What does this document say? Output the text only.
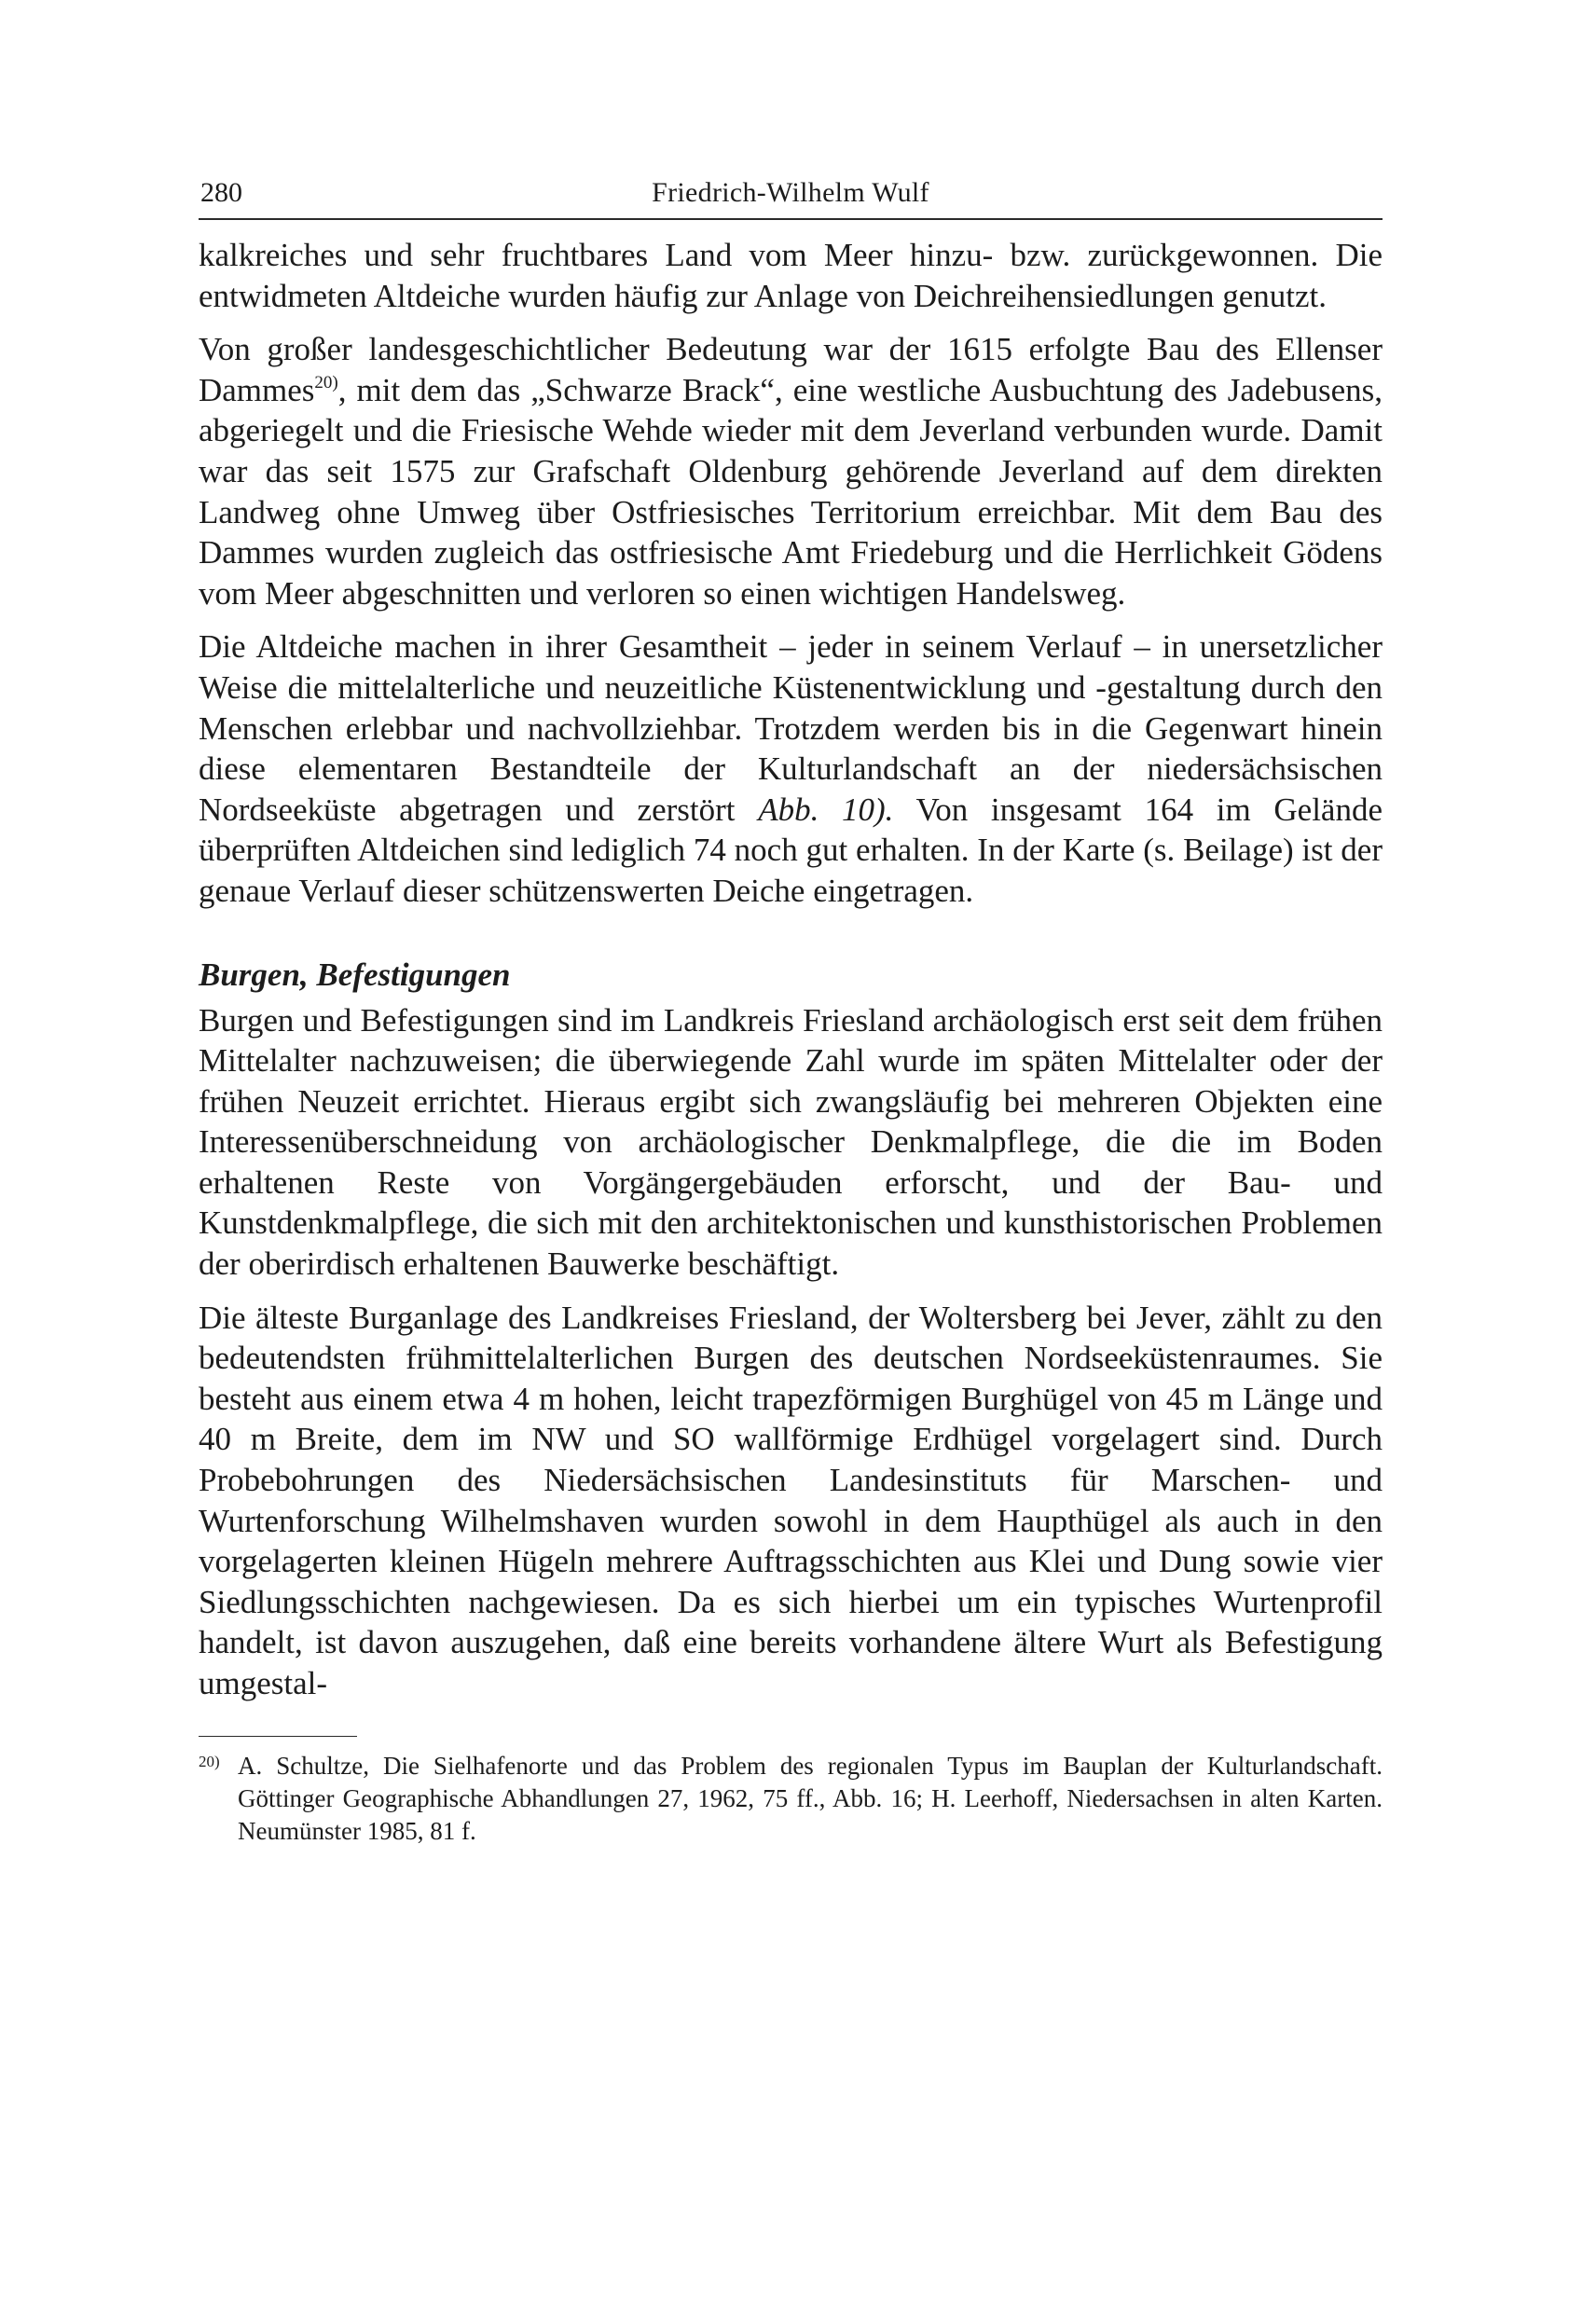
280	Friedrich-Wilhelm Wulf

kalkreiches und sehr fruchtbares Land vom Meer hinzu- bzw. zurückgewonnen. Die entwidmeten Altdeiche wurden häufig zur Anlage von Deichreihensiedlungen genutzt.

Von großer landesgeschichtlicher Bedeutung war der 1615 erfolgte Bau des Ellenser Dammes$^{20)}$, mit dem das „Schwarze Brack“, eine westliche Ausbuchtung des Jadebusens, abgeriegelt und die Friesische Wehde wieder mit dem Jeverland verbunden wurde. Damit war das seit 1575 zur Grafschaft Oldenburg gehörende Jeverland auf dem direkten Landweg ohne Umweg über Ostfriesisches Territorium erreichbar. Mit dem Bau des Dammes wurden zugleich das ostfriesische Amt Friedeburg und die Herrlichkeit Gödens vom Meer abgeschnitten und verloren so einen wichtigen Handelsweg.

Die Altdeiche machen in ihrer Gesamtheit – jeder in seinem Verlauf – in unersetzlicher Weise die mittelalterliche und neuzeitliche Küstenentwicklung und -gestaltung durch den Menschen erlebbar und nachvollziehbar. Trotzdem werden bis in die Gegenwart hinein diese elementaren Bestandteile der Kulturlandschaft an der niedersächsischen Nordseeküste abgetragen und zerstört Abb. 10). Von insgesamt 164 im Gelände überprüften Altdeichen sind lediglich 74 noch gut erhalten. In der Karte (s. Beilage) ist der genaue Verlauf dieser schützenswerten Deiche eingetragen.

Burgen, Befestigungen

Burgen und Befestigungen sind im Landkreis Friesland archäologisch erst seit dem frühen Mittelalter nachzuweisen; die überwiegende Zahl wurde im späten Mittelalter oder der frühen Neuzeit errichtet. Hieraus ergibt sich zwangsläufig bei mehreren Objekten eine Interessenüberschneidung von archäologischer Denkmalpflege, die die im Boden erhaltenen Reste von Vorgängergebäuden erforscht, und der Bau- und Kunstdenkmalpflege, die sich mit den architektonischen und kunsthistorischen Problemen der oberirdisch erhaltenen Bauwerke beschäftigt.

Die älteste Burganlage des Landkreises Friesland, der Woltersberg bei Jever, zählt zu den bedeutendsten frühmittelalterlichen Burgen des deutschen Nordseeküstenraumes. Sie besteht aus einem etwa 4 m hohen, leicht trapezförmigen Burghügel von 45 m Länge und 40 m Breite, dem im NW und SO wallförmige Erdhügel vorgelagert sind. Durch Probebohrungen des Niedersächsischen Landesinstituts für Marschen- und Wurtenforschung Wilhelmshaven wurden sowohl in dem Haupthügel als auch in den vorgelagerten kleinen Hügeln mehrere Auftragsschichten aus Klei und Dung sowie vier Siedlungsschichten nachgewiesen. Da es sich hierbei um ein typisches Wurtenprofil handelt, ist davon auszugehen, daß eine bereits vorhandene ältere Wurt als Befestigung umgestal-

20) A. Schultze, Die Sielhafenorte und das Problem des regionalen Typus im Bauplan der Kulturlandschaft. Göttinger Geographische Abhandlungen 27, 1962, 75 ff., Abb. 16; H. Leerhoff, Niedersachsen in alten Karten. Neumünster 1985, 81 f.
